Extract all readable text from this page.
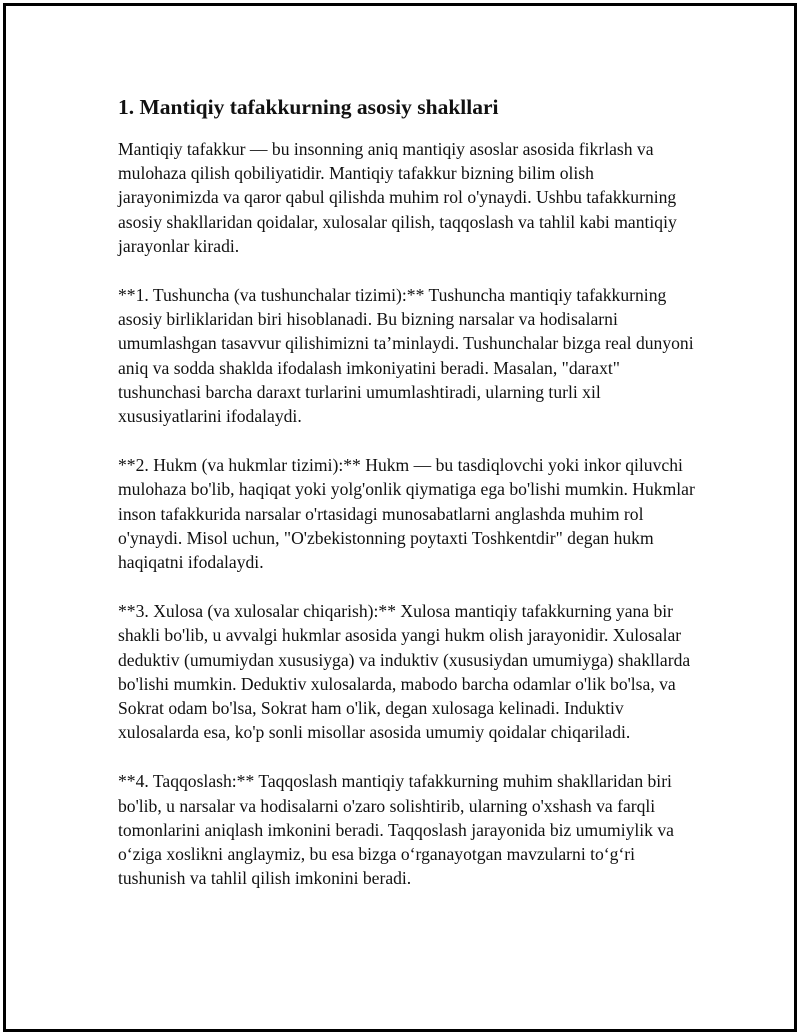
1. Mantiqiy tafakkurning asosiy shakllari

Mantiqiy tafakkur — bu insonning aniq mantiqiy asoslar asosida fikrlash va mulohaza qilish qobiliyatidir. Mantiqiy tafakkur bizning bilim olish jarayonimizda va qaror qabul qilishda muhim rol o'ynaydi. Ushbu tafakkurning asosiy shakllaridan qoidalar, xulosalar qilish, taqqoslash va tahlil kabi mantiqiy jarayonlar kiradi.

**1. Tushuncha (va tushunchalar tizimi):** Tushuncha mantiqiy tafakkurning asosiy birliklaridan biri hisoblanadi. Bu bizning narsalar va hodisalarni umumlashgan tasavvur qilishimizni ta’minlaydi. Tushunchalar bizga real dunyoni aniq va sodda shaklda ifodalash imkoniyatini beradi. Masalan, "daraxt" tushunchasi barcha daraxt turlarini umumlashtiradi, ularning turli xil xususiyatlarini ifodalaydi.

**2. Hukm (va hukmlar tizimi):** Hukm — bu tasdiqlovchi yoki inkor qiluvchi mulohaza bo'lib, haqiqat yoki yolg'onlik qiymatiga ega bo'lishi mumkin. Hukmlar inson tafakkurida narsalar o'rtasidagi munosabatlarni anglashda muhim rol o'ynaydi. Misol uchun, "O'zbekistonning poytaxti Toshkentdir" degan hukm haqiqatni ifodalaydi.

**3. Xulosa (va xulosalar chiqarish):** Xulosa mantiqiy tafakkurning yana bir shakli bo'lib, u avvalgi hukmlar asosida yangi hukm olish jarayonidir. Xulosalar deduktiv (umumiydan xususiyga) va induktiv (xususiydan umumiyga) shakllarda bo'lishi mumkin. Deduktiv xulosalarda, mabodo barcha odamlar o'lik bo'lsa, va Sokrat odam bo'lsa, Sokrat ham o'lik, degan xulosaga kelinadi. Induktiv xulosalarda esa, ko'p sonli misollar asosida umumiy qoidalar chiqariladi.

**4. Taqqoslash:** Taqqoslash mantiqiy tafakkurning muhim shakllaridan biri bo'lib, u narsalar va hodisalarni o'zaro solishtirib, ularning o'xshash va farqli tomonlarini aniqlash imkonini beradi. Taqqoslash jarayonida biz umumiylik va o‘ziga xoslikni anglaymiz, bu esa bizga o‘rganayotgan mavzularni to‘g‘ri tushunish va tahlil qilish imkonini beradi.
